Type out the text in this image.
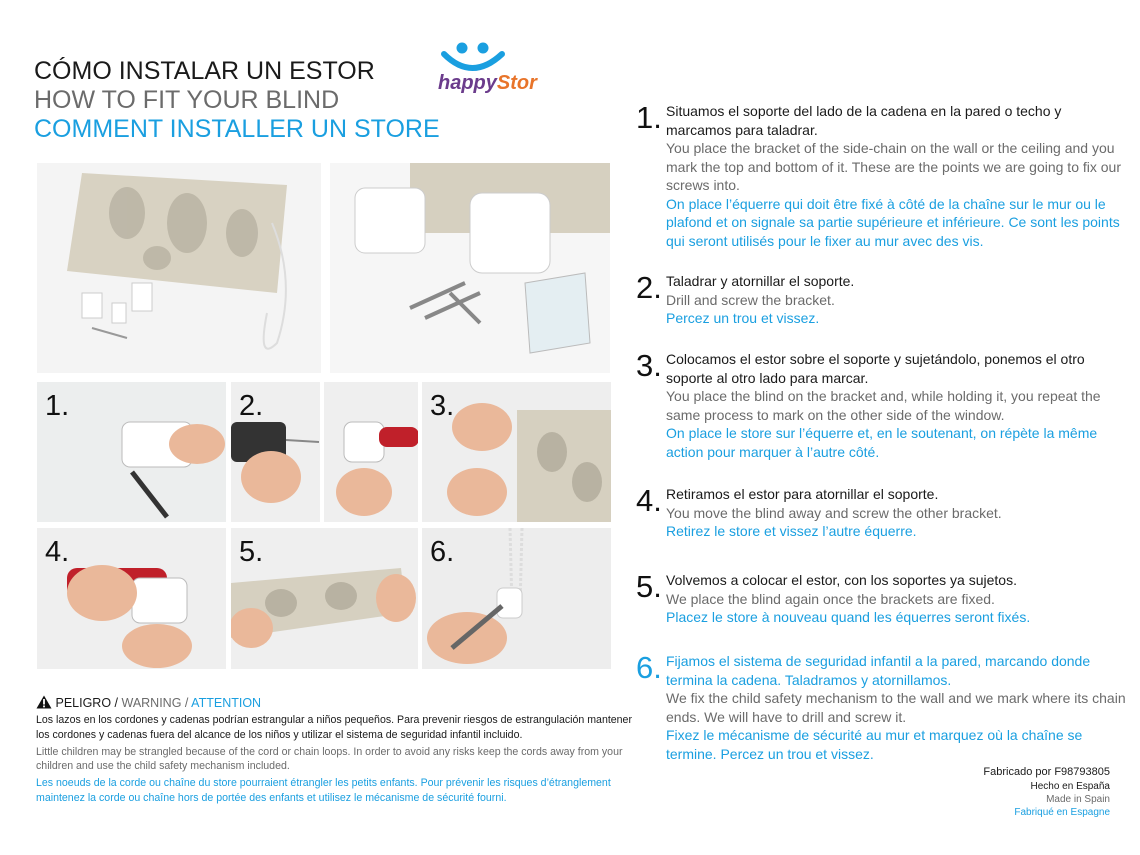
CÓMO INSTALAR UN ESTOR
HOW TO FIT YOUR BLIND
COMMENT INSTALLER UN STORE
happyStor
1.	2.	3.
4.	5.	6.
1. Situamos el soporte del lado de la cadena en la pared o techo y marcamos para taladrar.
You place the bracket of the side-chain on the wall or the ceiling and you mark the top and bottom of it. These are the points we are going to fix our screws into.
On place l’équerre qui doit être fixé à côté de la chaîne sur le mur ou le plafond et on signale sa partie supérieure et inférieure. Ce sont les points qui seront utilisés pour le fixer au mur avec des vis.
2. Taladrar y atornillar el soporte.
Drill and screw the bracket.
Percez un trou et vissez.
3. Colocamos el estor sobre el soporte y sujetándolo, ponemos el otro soporte al otro lado para marcar.
You place the blind on the bracket and, while holding it, you repeat the same process to mark on the other side of the window.
On place le store sur l’équerre et, en le soutenant, on répète la même action pour marquer à l’autre côté.
4. Retiramos el estor para atornillar el soporte.
You move the blind away and screw the other bracket.
Retirez le store et vissez l’autre équerre.
5. Volvemos a colocar el estor, con los soportes ya sujetos.
We place the blind again once the brackets are fixed.
Placez le store à nouveau quand les équerres seront fixés.
6. Fijamos el sistema de seguridad infantil a la pared, marcando donde termina la cadena. Taladramos y atornillamos.
We fix the child safety mechanism to the wall and we mark where its chain ends. We will have to drill and screw it.
Fixez le mécanisme de sécurité au mur et marquez où la chaîne se termine. Percez un trou et vissez.
PELIGRO / WARNING / ATTENTION
Los lazos en los cordones y cadenas podrían estrangular a niños pequeños. Para prevenir riesgos de estrangulación mantener los cordones y cadenas fuera del alcance de los niños y utilizar el sistema de seguridad infantil incluido.
Little children may be strangled because of the cord or chain loops. In order to avoid any risks keep the cords away from your children and use the child safety mechanism included.
Les noeuds de la corde ou chaîne du store pourraient étrangler les petits enfants. Pour prévenir les risques d’étranglement maintenez la corde ou chaîne hors de portée des enfants et utilisez le mécanisme de sécurité fourni.
Fabricado por F98793805
Hecho en España
Made in Spain
Fabriqué en Espagne
